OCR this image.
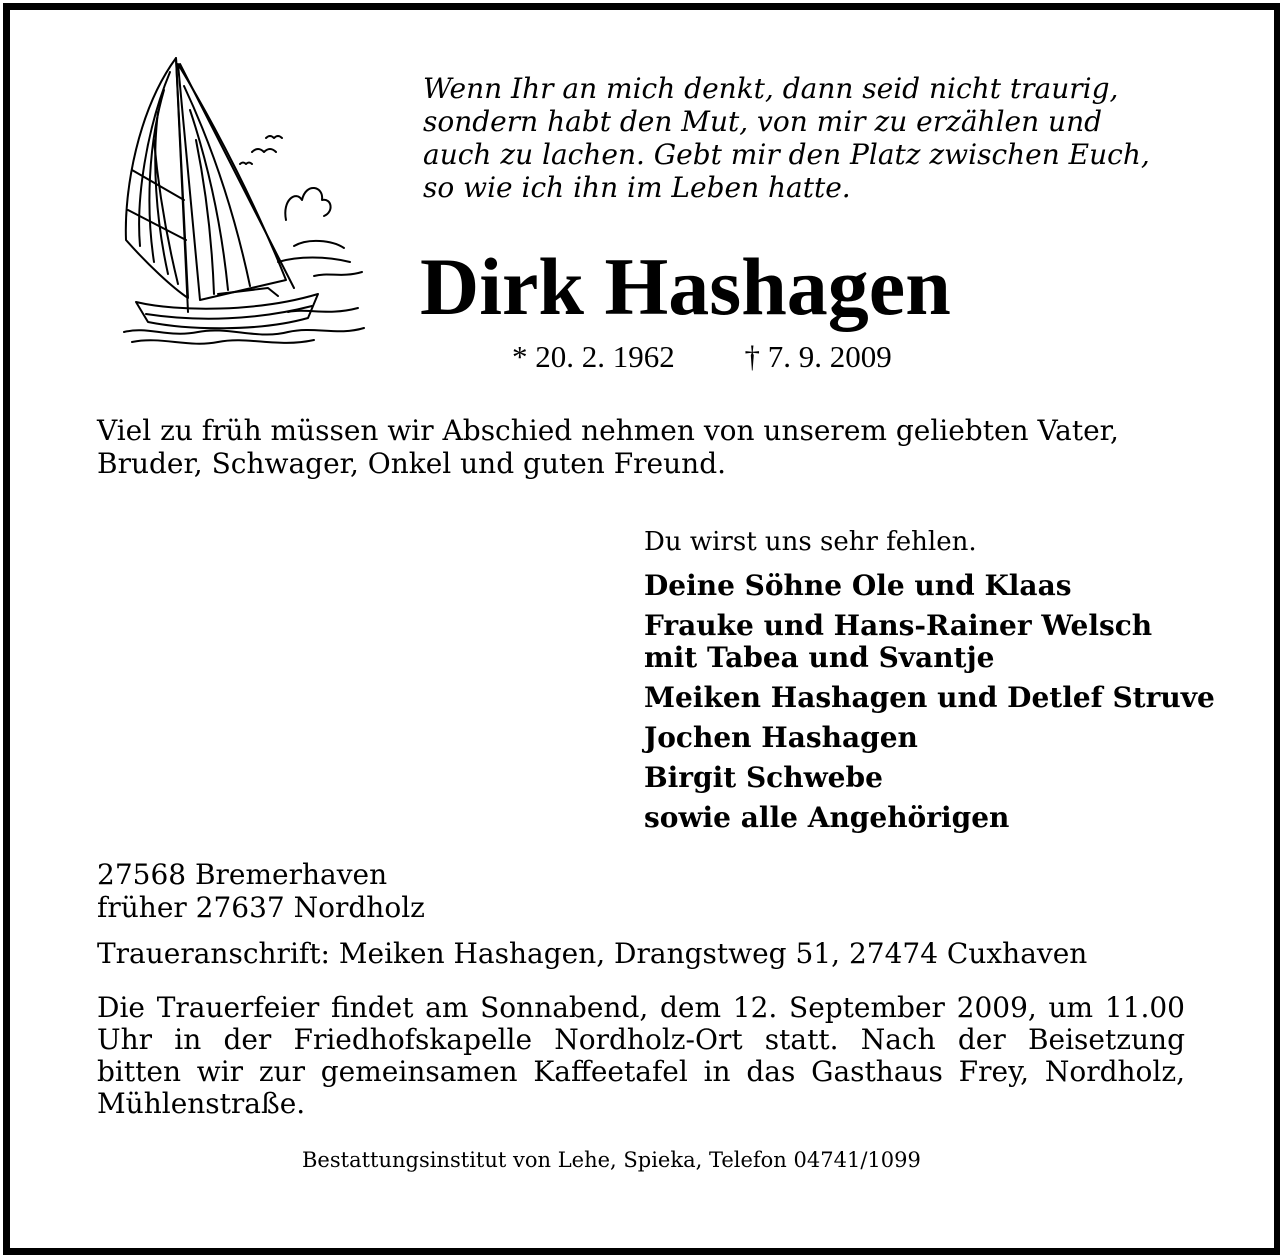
Wenn Ihr an mich denkt, dann seid nicht traurig,
sondern habt den Mut, von mir zu erzählen und
auch zu lachen. Gebt mir den Platz zwischen Euch,
so wie ich ihn im Leben hatte.
Dirk Hashagen
* 20. 2. 1962 † 7. 9. 2009
Viel zu früh müssen wir Abschied nehmen von unserem geliebten Vater,
Bruder, Schwager, Onkel und guten Freund.
Du wirst uns sehr fehlen.
Deine Söhne Ole und Klaas
Frauke und Hans-Rainer Welsch
mit Tabea und Svantje
Meiken Hashagen und Detlef Struve
Jochen Hashagen
Birgit Schwebe
sowie alle Angehörigen
27568 Bremerhaven
früher 27637 Nordholz
Traueranschrift: Meiken Hashagen, Drangstweg 51, 27474 Cuxhaven
Die Trauerfeier findet am Sonnabend, dem 12. September 2009, um 11.00
Uhr in der Friedhofskapelle Nordholz-Ort statt. Nach der Beisetzung
bitten wir zur gemeinsamen Kaffeetafel in das Gasthaus Frey, Nordholz,
Mühlenstraße.
Bestattungsinstitut von Lehe, Spieka, Telefon 04741/1099
